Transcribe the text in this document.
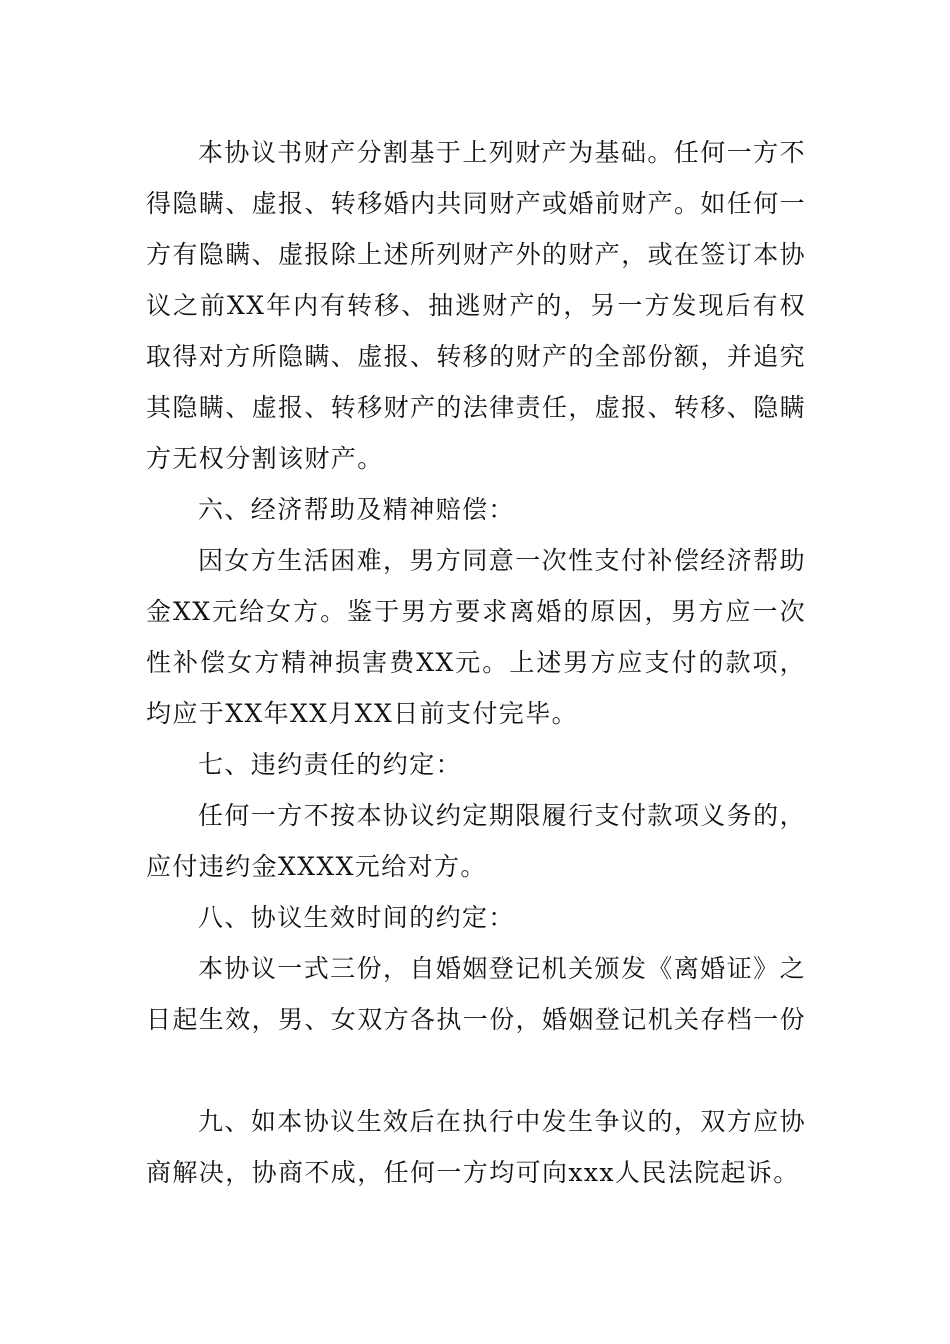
本协议书财产分割基于上列财产为基础。任何一方不得隐瞒、虚报、转移婚内共同财产或婚前财产。如任何一方有隐瞒、虚报除上述所列财产外的财产，或在签订本协议之前XX年内有转移、抽逃财产的，另一方发现后有权取得对方所隐瞒、虚报、转移的财产的全部份额，并追究其隐瞒、虚报、转移财产的法律责任，虚报、转移、隐瞒方无权分割该财产。

六、经济帮助及精神赔偿：

因女方生活困难，男方同意一次性支付补偿经济帮助金XX元给女方。鉴于男方要求离婚的原因，男方应一次性补偿女方精神损害费XX元。上述男方应支付的款项，均应于XX年XX月XX日前支付完毕。

七、违约责任的约定：

任何一方不按本协议约定期限履行支付款项义务的，应付违约金XXXX元给对方。

八、协议生效时间的约定：

本协议一式三份，自婚姻登记机关颁发《离婚证》之日起生效，男、女双方各执一份，婚姻登记机关存档一份

九、如本协议生效后在执行中发生争议的，双方应协商解决，协商不成，任何一方均可向xxx人民法院起诉。
